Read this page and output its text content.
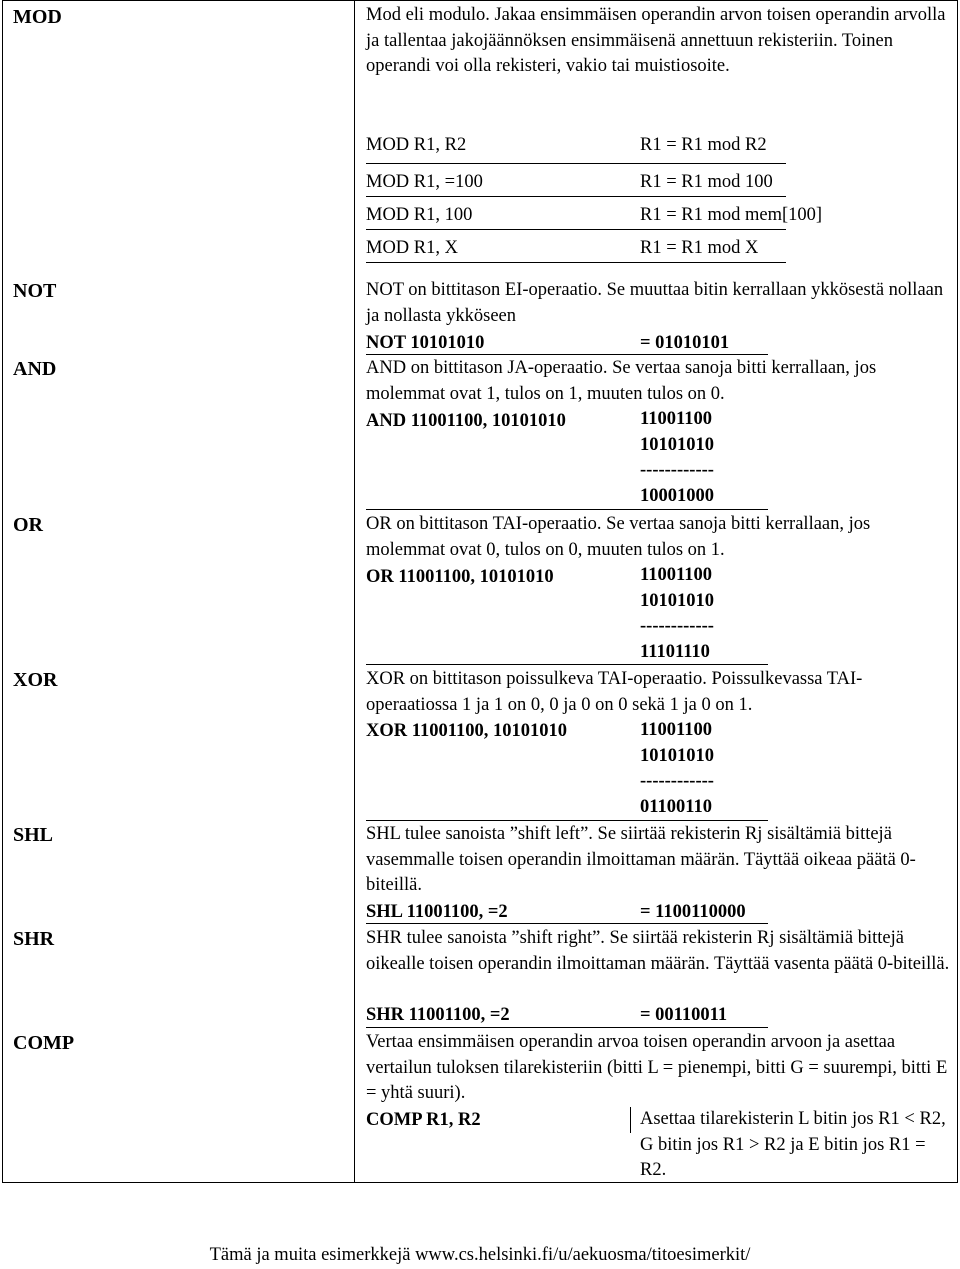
MOD	Mod eli modulo. Jakaa ensimmäisen operandin arvon toisen operandin arvolla ja tallentaa jakojäännöksen ensimmäisenä annettuun rekisteriin. Toinen operandi voi olla rekisteri, vakio tai muistiosoite.
MOD R1, R2	R1 = R1 mod R2
MOD R1, =100	R1 = R1 mod 100
MOD R1, 100	R1 = R1 mod mem[100]
MOD R1, X	R1 = R1 mod X
NOT	NOT on bittitason EI-operaatio. Se muuttaa bitin kerrallaan ykkösestä nollaan ja nollasta ykköseen
NOT 10101010	= 01010101
AND	AND on bittitason JA-operaatio. Se vertaa sanoja bitti kerrallaan, jos molemmat ovat 1, tulos on 1, muuten tulos on 0.
AND 11001100, 10101010	11001100
10101010
------------
10001000
OR	OR on bittitason TAI-operaatio. Se vertaa sanoja bitti kerrallaan, jos molemmat ovat 0, tulos on 0, muuten tulos on 1.
OR 11001100, 10101010	11001100
10101010
------------
11101110
XOR	XOR on bittitason poissulkeva TAI-operaatio. Poissulkevassa TAI-operaatiossa 1 ja 1 on 0, 0 ja 0 on 0 sekä 1 ja 0 on 1.
XOR 11001100, 10101010	11001100
10101010
------------
01100110
SHL	SHL tulee sanoista ”shift left”. Se siirtää rekisterin Rj sisältämiä bittejä vasemmalle toisen operandin ilmoittaman määrän. Täyttää oikeaa päätä 0-biteillä.
SHL 11001100, =2	= 1100110000
SHR	SHR tulee sanoista ”shift right”. Se siirtää rekisterin Rj sisältämiä bittejä oikealle toisen operandin ilmoittaman määrän. Täyttää vasenta päätä 0-biteillä.
SHR 11001100, =2	= 00110011
COMP	Vertaa ensimmäisen operandin arvoa toisen operandin arvoon ja asettaa vertailun tuloksen tilarekisteriin (bitti L = pienempi, bitti G = suurempi, bitti E = yhtä suuri).
COMP R1, R2	Asettaa tilarekisterin L bitin jos R1 < R2, G bitin jos R1 > R2 ja E bitin jos R1 = R2.
Tämä ja muita esimerkkejä www.cs.helsinki.fi/u/aekuosma/titoesimerkit/
